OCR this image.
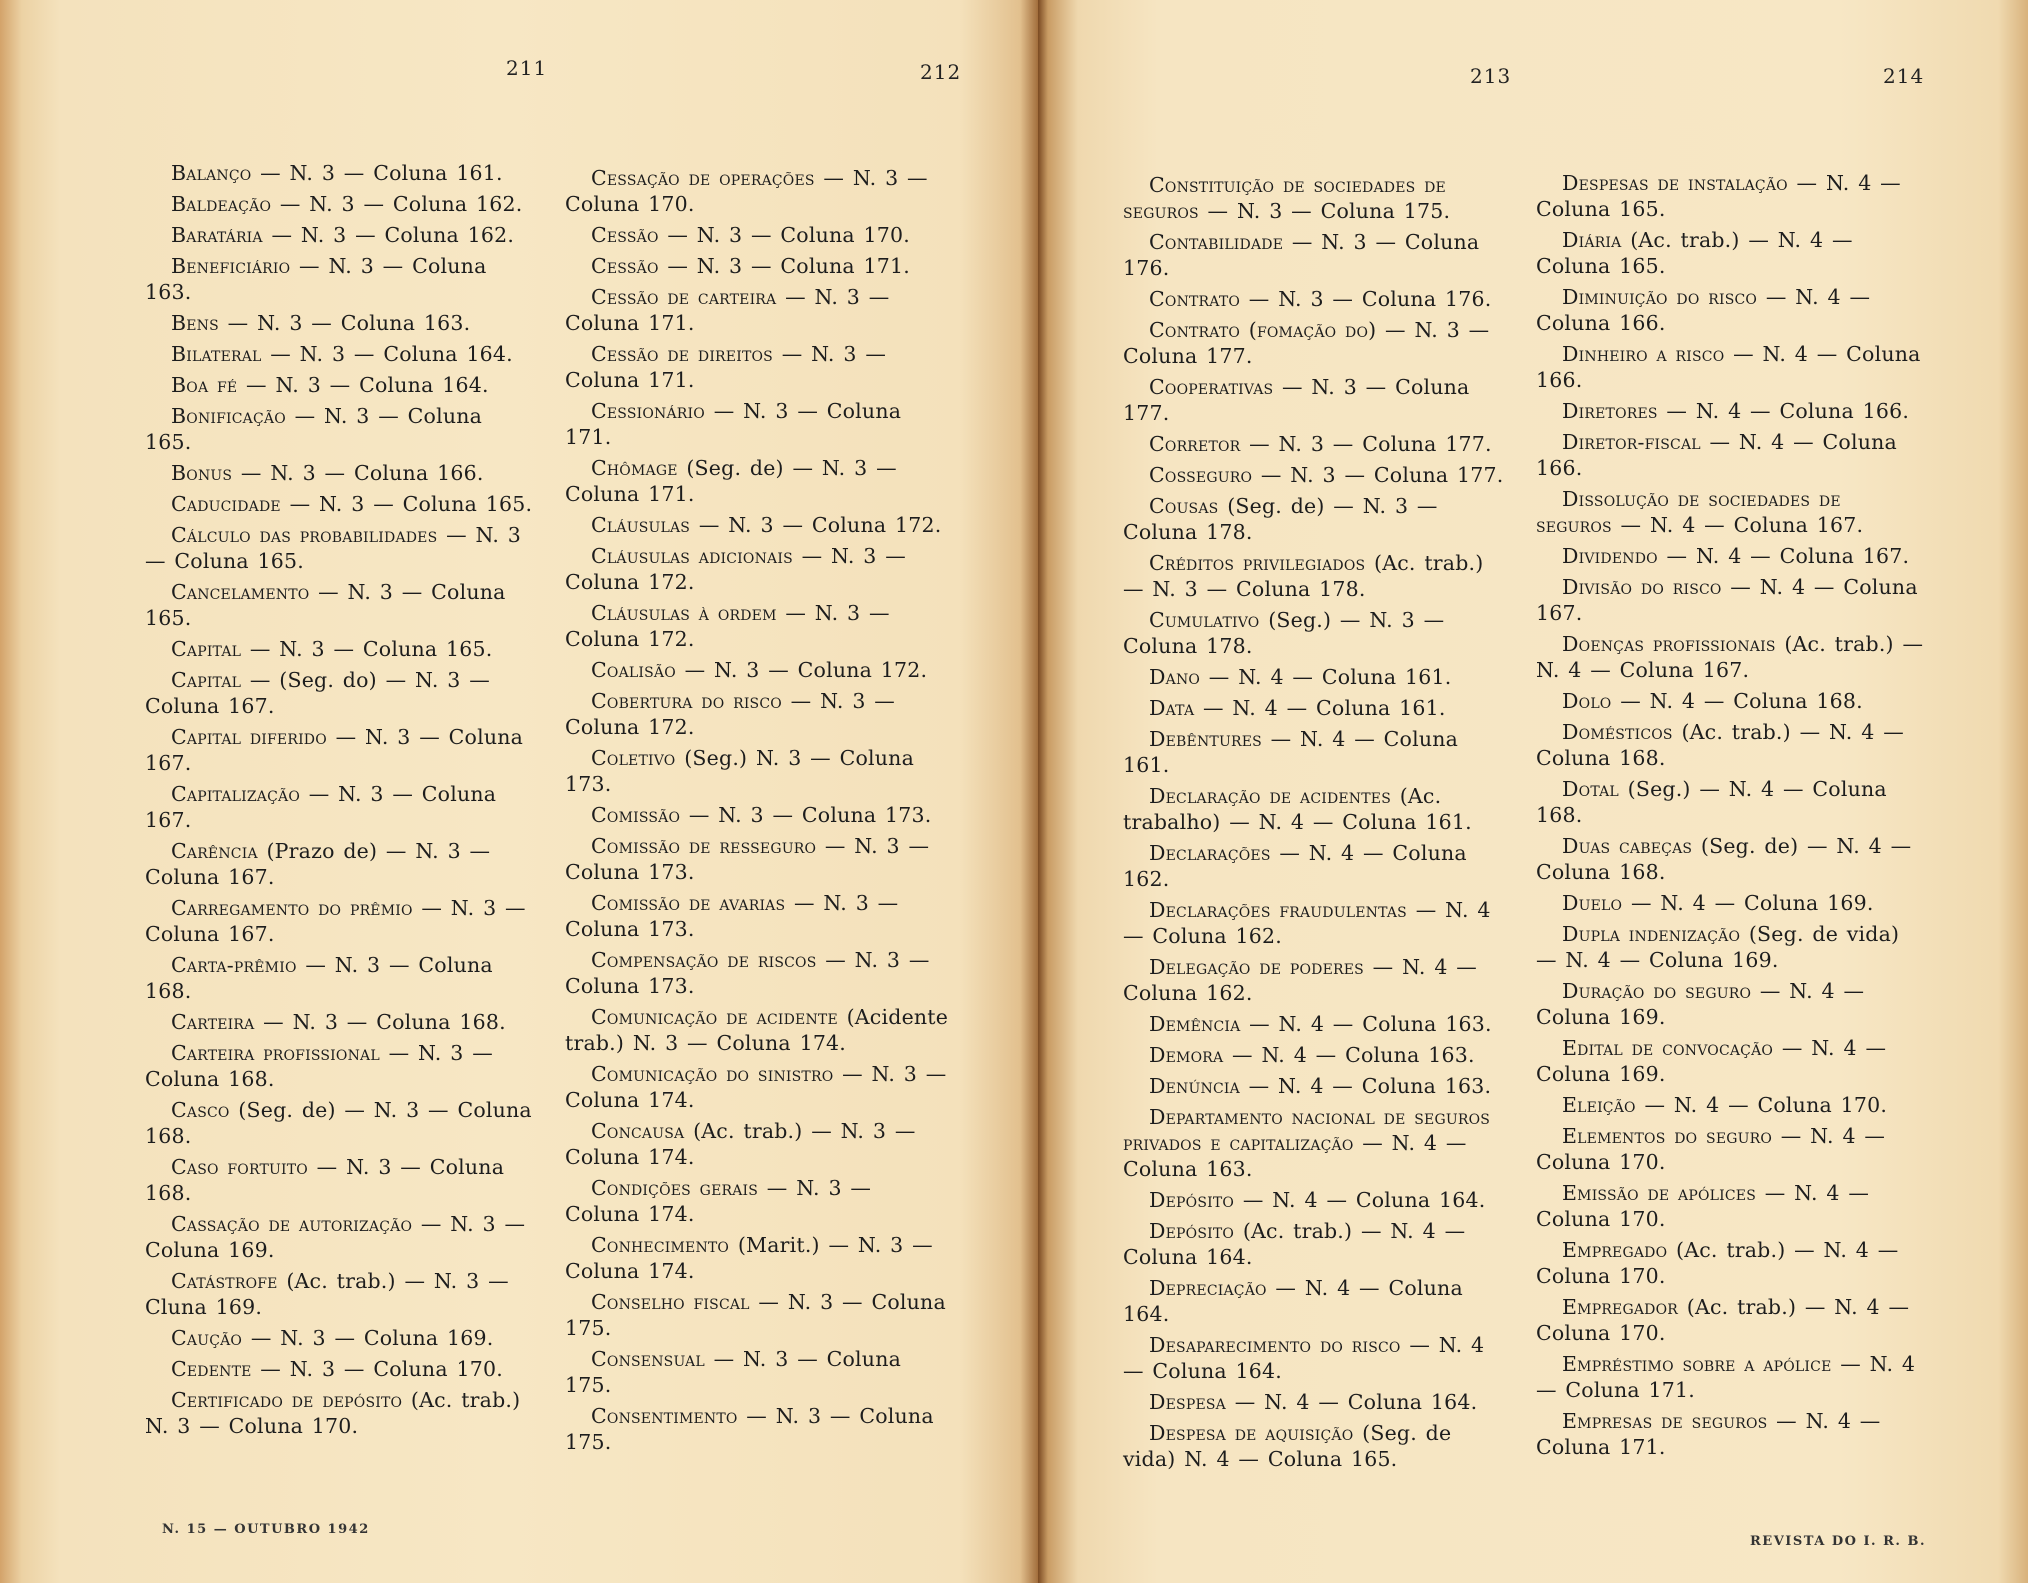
211	212
Balanço — N. 3 — Coluna 161.
Baldeação — N. 3 — Coluna 162.
Baratária — N. 3 — Coluna 162.
Beneficiário — N. 3 — Coluna 163.
Bens — N. 3 — Coluna 163.
Bilateral — N. 3 — Coluna 164.
Boa fé — N. 3 — Coluna 164.
Bonificação — N. 3 — Coluna 165.
Bonus — N. 3 — Coluna 166.
Caducidade — N. 3 — Coluna 165.
Cálculo das probabilidades — N. 3 — Coluna 165.
Cancelamento — N. 3 — Coluna 165.
Capital — N. 3 — Coluna 165.
Capital — (Seg. do) — N. 3 — Coluna 167.
Capital diferido — N. 3 — Coluna 167.
Capitalização — N. 3 — Coluna 167.
Carência (Prazo de) — N. 3 — Coluna 167.
Carregamento do prêmio — N. 3 — Coluna 167.
Carta-prêmio — N. 3 — Coluna 168.
Carteira — N. 3 — Coluna 168.
Carteira profissional — N. 3 — Coluna 168.
Casco (Seg. de) — N. 3 — Coluna 168.
Caso fortuito — N. 3 — Coluna 168.
Cassação de autorização — N. 3 — Coluna 169.
Catástrofe (Ac. trab.) — N. 3 — Cluna 169.
Caução — N. 3 — Coluna 169.
Cedente — N. 3 — Coluna 170.
Certificado de depósito (Ac. trab.) N. 3 — Coluna 170.
Cessação de operações — N. 3 — Coluna 170.
Cessão — N. 3 — Coluna 170.
Cessão — N. 3 — Coluna 171.
Cessão de carteira — N. 3 — Coluna 171.
Cessão de direitos — N. 3 — Coluna 171.
Cessionário — N. 3 — Coluna 171.
Chômage (Seg. de) — N. 3 — Coluna 171.
Cláusulas — N. 3 — Coluna 172.
Cláusulas adicionais — N. 3 — Coluna 172.
Cláusulas à ordem — N. 3 — Coluna 172.
Coalisão — N. 3 — Coluna 172.
Cobertura do risco — N. 3 — Coluna 172.
Coletivo (Seg.) N. 3 — Coluna 173.
Comissão — N. 3 — Coluna 173.
Comissão de resseguro — N. 3 — Coluna 173.
Comissão de avarias — N. 3 — Coluna 173.
Compensação de riscos — N. 3 — Coluna 173.
Comunicação de acidente (Acidente trab.) N. 3 — Coluna 174.
Comunicação do sinistro — N. 3 — Coluna 174.
Concausa (Ac. trab.) — N. 3 — Coluna 174.
Condições gerais — N. 3 — Coluna 174.
Conhecimento (Marit.) — N. 3 — Coluna 174.
Conselho fiscal — N. 3 — Coluna 175.
Consensual — N. 3 — Coluna 175.
Consentimento — N. 3 — Coluna 175.
N. 15 — OUTUBRO 1942
213	214
Constituição de sociedades de seguros — N. 3 — Coluna 175.
Contabilidade — N. 3 — Coluna 176.
Contrato — N. 3 — Coluna 176.
Contrato (fomação do) — N. 3 — Coluna 177.
Cooperativas — N. 3 — Coluna 177.
Corretor — N. 3 — Coluna 177.
Cosseguro — N. 3 — Coluna 177.
Cousas (Seg. de) — N. 3 — Coluna 178.
Créditos privilegiados (Ac. trab.) — N. 3 — Coluna 178.
Cumulativo (Seg.) — N. 3 — Coluna 178.
Dano — N. 4 — Coluna 161.
Data — N. 4 — Coluna 161.
Debêntures — N. 4 — Coluna 161.
Declaração de acidentes (Ac. trabalho) — N. 4 — Coluna 161.
Declarações — N. 4 — Coluna 162.
Declarações fraudulentas — N. 4 — Coluna 162.
Delegação de poderes — N. 4 — Coluna 162.
Demência — N. 4 — Coluna 163.
Demora — N. 4 — Coluna 163.
Denúncia — N. 4 — Coluna 163.
Departamento nacional de seguros privados e capitalização — N. 4 — Coluna 163.
Depósito — N. 4 — Coluna 164.
Depósito (Ac. trab.) — N. 4 — Coluna 164.
Depreciação — N. 4 — Coluna 164.
Desaparecimento do risco — N. 4 — Coluna 164.
Despesa — N. 4 — Coluna 164.
Despesa de aquisição (Seg. de vida) N. 4 — Coluna 165.
Despesas de instalação — N. 4 — Coluna 165.
Diária (Ac. trab.) — N. 4 — Coluna 165.
Diminuição do risco — N. 4 — Coluna 166.
Dinheiro a risco — N. 4 — Coluna 166.
Diretores — N. 4 — Coluna 166.
Diretor-fiscal — N. 4 — Coluna 166.
Dissolução de sociedades de seguros — N. 4 — Coluna 167.
Dividendo — N. 4 — Coluna 167.
Divisão do risco — N. 4 — Coluna 167.
Doenças profissionais (Ac. trab.) — N. 4 — Coluna 167.
Dolo — N. 4 — Coluna 168.
Domésticos (Ac. trab.) — N. 4 — Coluna 168.
Dotal (Seg.) — N. 4 — Coluna 168.
Duas cabeças (Seg. de) — N. 4 — Coluna 168.
Duelo — N. 4 — Coluna 169.
Dupla indenização (Seg. de vida) — N. 4 — Coluna 169.
Duração do seguro — N. 4 — Coluna 169.
Edital de convocação — N. 4 — Coluna 169.
Eleição — N. 4 — Coluna 170.
Elementos do seguro — N. 4 — Coluna 170.
Emissão de apólices — N. 4 — Coluna 170.
Empregado (Ac. trab.) — N. 4 — Coluna 170.
Empregador (Ac. trab.) — N. 4 — Coluna 170.
Empréstimo sobre a apólice — N. 4 — Coluna 171.
Empresas de seguros — N. 4 — Coluna 171.
REVISTA DO I. R. B.
